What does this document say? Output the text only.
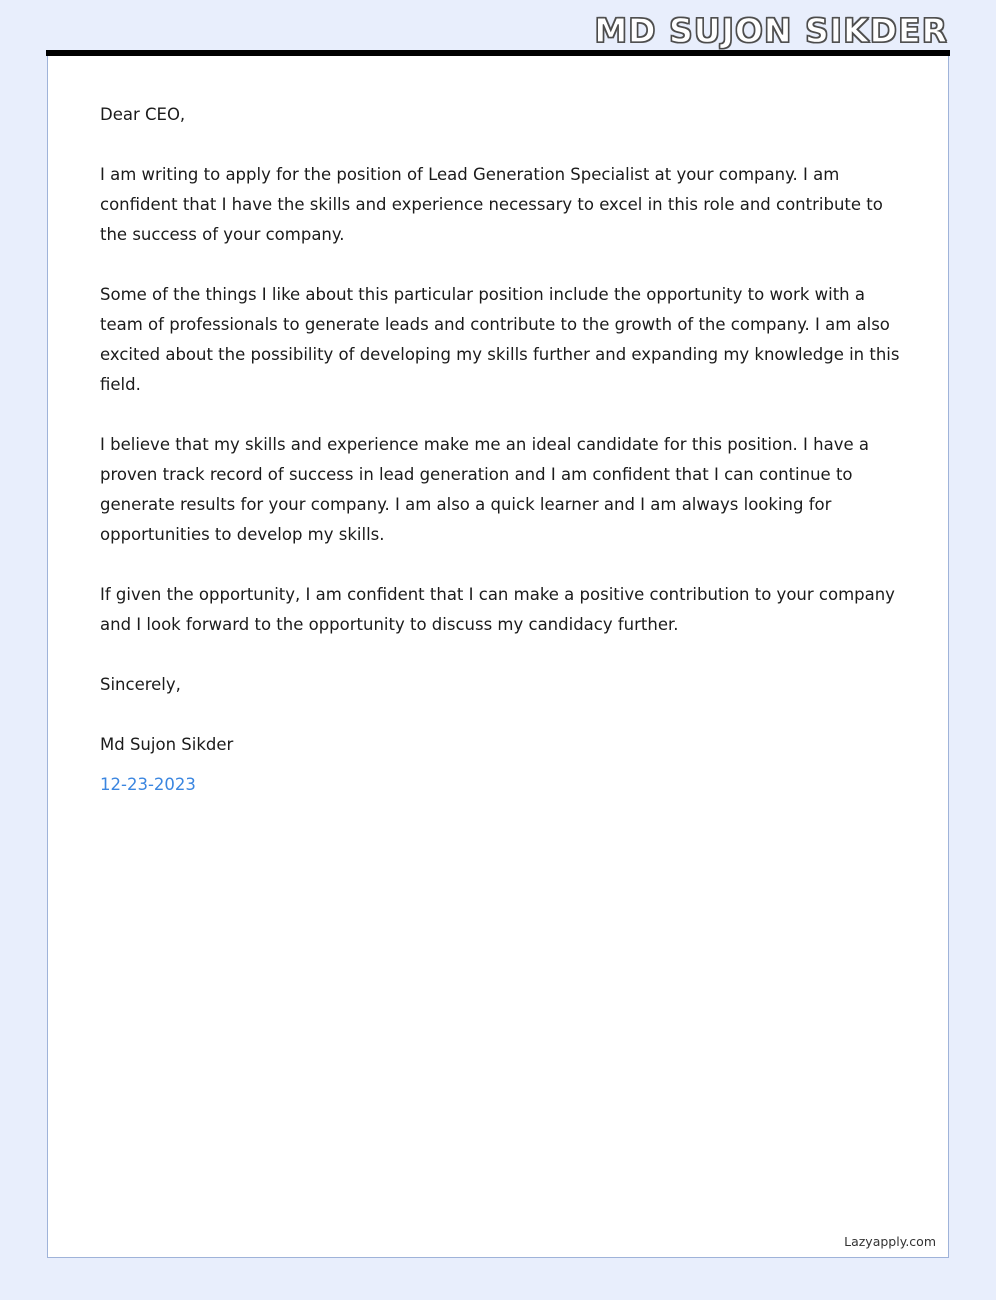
MD SUJON SIKDER

Dear CEO,

I am writing to apply for the position of Lead Generation Specialist at your company. I am confident that I have the skills and experience necessary to excel in this role and contribute to the success of your company.

Some of the things I like about this particular position include the opportunity to work with a team of professionals to generate leads and contribute to the growth of the company. I am also excited about the possibility of developing my skills further and expanding my knowledge in this field.

I believe that my skills and experience make me an ideal candidate for this position. I have a proven track record of success in lead generation and I am confident that I can continue to generate results for your company. I am also a quick learner and I am always looking for opportunities to develop my skills.

If given the opportunity, I am confident that I can make a positive contribution to your company and I look forward to the opportunity to discuss my candidacy further.

Sincerely,

Md Sujon Sikder

12-23-2023

Lazyapply.com
